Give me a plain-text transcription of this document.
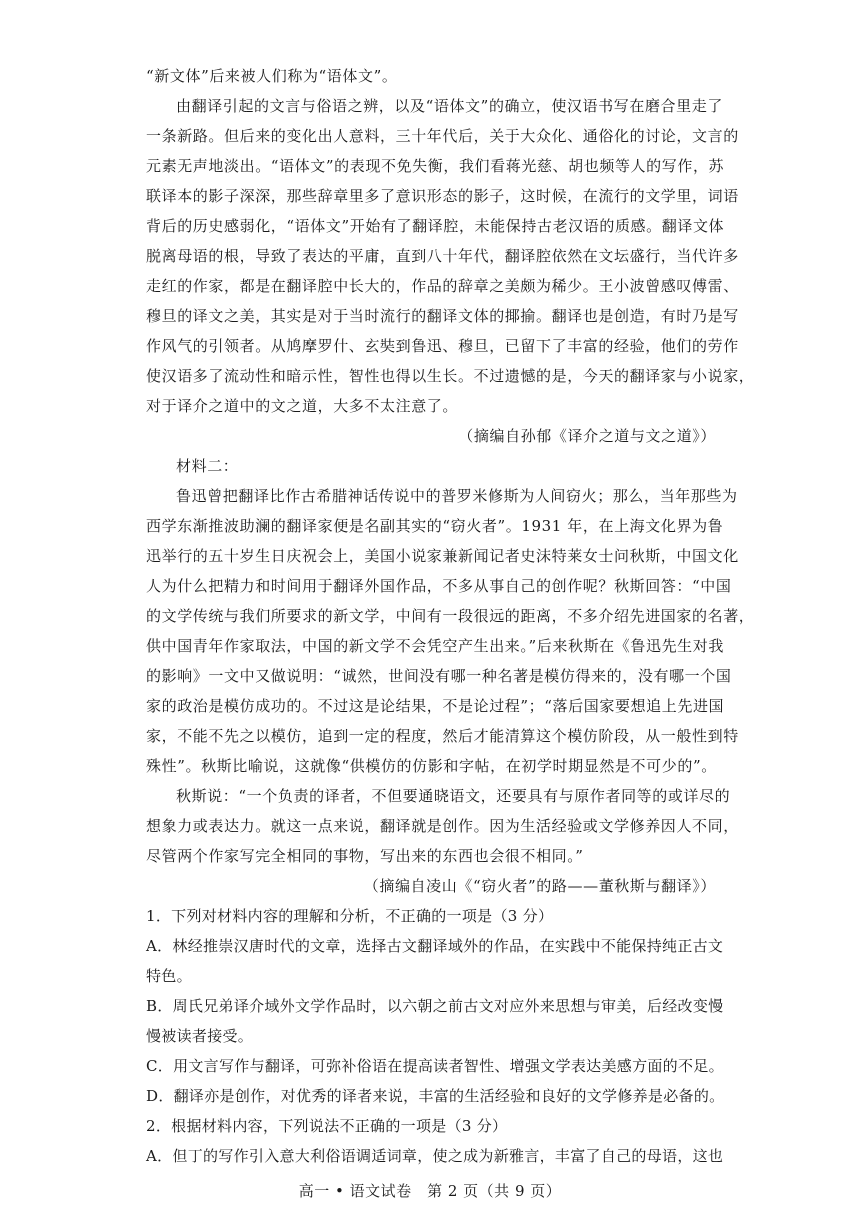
“新文体”后来被人们称为“语体文”。
由翻译引起的文言与俗语之辨，以及“语体文”的确立，使汉语书写在磨合里走了
一条新路。但后来的变化出人意料，三十年代后，关于大众化、通俗化的讨论，文言的
元素无声地淡出。“语体文”的表现不免失衡，我们看蒋光慈、胡也频等人的写作，苏
联译本的影子深深，那些辞章里多了意识形态的影子，这时候，在流行的文学里，词语
背后的历史感弱化，“语体文”开始有了翻译腔，未能保持古老汉语的质感。翻译文体
脱离母语的根，导致了表达的平庸，直到八十年代，翻译腔依然在文坛盛行，当代许多
走红的作家，都是在翻译腔中长大的，作品的辞章之美颇为稀少。王小波曾感叹傅雷、
穆旦的译文之美，其实是对于当时流行的翻译文体的揶揄。翻译也是创造，有时乃是写
作风气的引领者。从鸠摩罗什、玄奘到鲁迅、穆旦，已留下了丰富的经验，他们的劳作
使汉语多了流动性和暗示性，智性也得以生长。不过遗憾的是，今天的翻译家与小说家，
对于译介之道中的文之道，大多不太注意了。
（摘编自孙郁《译介之道与文之道》）
材料二：
鲁迅曾把翻译比作古希腊神话传说中的普罗米修斯为人间窃火；那么，当年那些为
西学东渐推波助澜的翻译家便是名副其实的“窃火者”。1931 年，在上海文化界为鲁
迅举行的五十岁生日庆祝会上，美国小说家兼新闻记者史沫特莱女士问秋斯，中国文化
人为什么把精力和时间用于翻译外国作品，不多从事自己的创作呢？秋斯回答：“中国
的文学传统与我们所要求的新文学，中间有一段很远的距离，不多介绍先进国家的名著，
供中国青年作家取法，中国的新文学不会凭空产生出来。”后来秋斯在《鲁迅先生对我
的影响》一文中又做说明：“诚然，世间没有哪一种名著是模仿得来的，没有哪一个国
家的政治是模仿成功的。不过这是论结果，不是论过程”；“落后国家要想追上先进国
家，不能不先之以模仿，追到一定的程度，然后才能清算这个模仿阶段，从一般性到特
殊性”。秋斯比喻说，这就像“供模仿的仿影和字帖，在初学时期显然是不可少的”。
秋斯说：“一个负责的译者，不但要通晓语文，还要具有与原作者同等的或详尽的
想象力或表达力。就这一点来说，翻译就是创作。因为生活经验或文学修养因人不同，
尽管两个作家写完全相同的事物，写出来的东西也会很不相同。”
（摘编自凌山《“窃火者”的路——董秋斯与翻译》）
1．下列对材料内容的理解和分析，不正确的一项是（3 分）
A．林经推崇汉唐时代的文章，选择古文翻译域外的作品，在实践中不能保持纯正古文
特色。
B．周氏兄弟译介域外文学作品时，以六朝之前古文对应外来思想与审美，后经改变慢
慢被读者接受。
C．用文言写作与翻译，可弥补俗语在提高读者智性、增强文学表达美感方面的不足。
D．翻译亦是创作，对优秀的译者来说，丰富的生活经验和良好的文学修养是必备的。
2．根据材料内容，下列说法不正确的一项是（3 分）
A．但丁的写作引入意大利俗语调适词章，使之成为新雅言，丰富了自己的母语，这也
高一 • 语文试卷　第 2 页（共 9 页）
